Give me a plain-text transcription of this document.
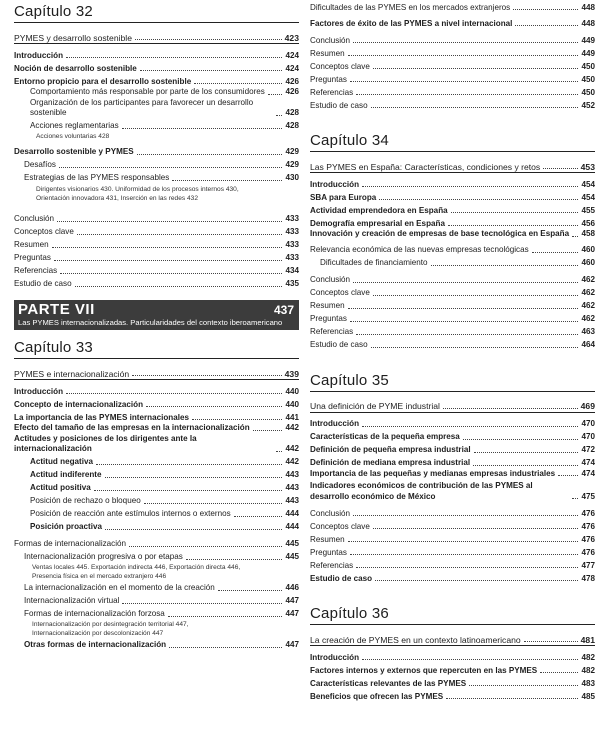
Capítulo 32
PYMES y desarrollo sostenible	423
Introducción	424
Noción de desarrollo sostenible	424
Entorno propicio para el desarrollo sostenible	426
Comportamiento más responsable por parte de los consumidores	426
Organización de los participantes para favorecer un desarrollo sostenible	428
Acciones reglamentarias	428
Acciones voluntarias 428
Desarrollo sostenible y PYMES	429
Desafíos	429
Estrategias de las PYMES responsables	430
Dirigentes visionarios 430. Uniformidad de los procesos internos 430,
Orientación innovadora 431, Inserción en las redes 432
Conclusión	433
Conceptos clave	433
Resumen	433
Preguntas	433
Referencias	434
Estudio de caso	435
PARTE VII	437
Las PYMES internacionalizadas. Particularidades del contexto iberoamericano
Capítulo 33
PYMES e internacionalización	439
Introducción	440
Concepto de internacionalización	440
La importancia de las PYMES internacionales	441
Efecto del tamaño de las empresas en la internacionalización	442
Actitudes y posiciones de los dirigentes ante la internacionalización	442
Actitud negativa	442
Actitud indiferente	443
Actitud positiva	443
Posición de rechazo o bloqueo	443
Posición de reacción ante estímulos internos o externos	444
Posición proactiva	444
Formas de internacionalización	445
Internacionalización progresiva o por etapas	445
Ventas locales 445. Exportación indirecta 446, Exportación directa 446,
Presencia física en el mercado extranjero 446
La internacionalización en el momento de la creación	446
Internacionalización virtual	447
Formas de internacionalización forzosa	447
Internacionalización por desintegración territorial 447,
Internacionalización por descolonización 447
Otras formas de internacionalización	447
Dificultades de las PYMES en los mercados extranjeros	448
Factores de éxito de las PYMES a nivel internacional	448
Conclusión	449
Resumen	449
Conceptos clave	450
Preguntas	450
Referencias	450
Estudio de caso	452
Capítulo 34
Las PYMES en España: Características, condiciones y retos	453
Introducción	454
SBA para Europa	454
Actividad emprendedora en España	455
Demografía empresarial en España	456
Innovación y creación de empresas de base tecnológica en España 458
Relevancia económica de las nuevas empresas tecnológicas	460
Dificultades de financiamiento	460
Conclusión	462
Conceptos clave	462
Resumen	462
Preguntas	462
Referencias	463
Estudio de caso	464
Capítulo 35
Una definición de PYME industrial	469
Introducción	470
Características de la pequeña empresa	470
Definición de pequeña empresa industrial	472
Definición de mediana empresa industrial	474
Importancia de las pequeñas y medianas empresas industriales	474
Indicadores económicos de contribución de las PYMES al desarrollo económico de México	475
Conclusión	476
Conceptos clave	476
Resumen	476
Preguntas	476
Referencias	477
Estudio de caso	478
Capítulo 36
La creación de PYMES en un contexto latinoamericano	481
Introducción	482
Factores internos y externos que repercuten en las PYMES	482
Características relevantes de las PYMES	483
Beneficios que ofrecen las PYMES	485
